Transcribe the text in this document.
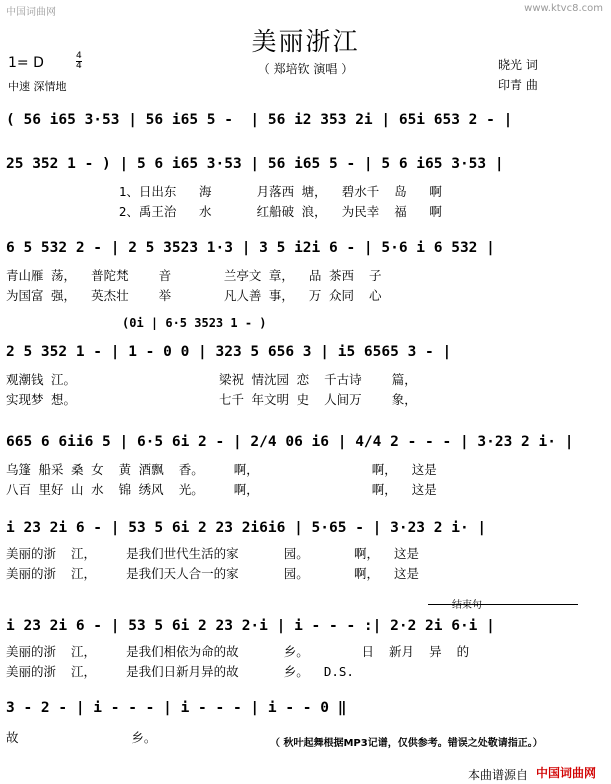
中国词曲网	www.ktvc8.com
美丽浙江
1= D	4
4
中速 深情地
（ 郑培钦 演唱 ）	晓光 词
印青 曲
( 56 i65 3·53 | 56 i65 5 -  | 56 i2 353 2i | 65i 653 2 - |
25 352 1 - ) | 5 6 i65 3·53 | 56 i65 5 - | 5 6 i65 3·53 |
1、日出东   海      月落西 塘，  碧水千  岛   啊
2、禹王治   水      红船破 浪，  为民幸  福   啊
6 5 532 2 - | 2 5 3523 1·3 | 3 5 i2i 6 - | 5·6 i 6 532 |
青山雁 荡，  普陀梵    音       兰亭文 章，  品 茶西  子
为国富 强，  英杰壮    举       凡人善 事，  万 众同  心
(0i | 6·5 3523 1 - )
2 5 352 1 - | 1 - 0 0 | 323 5 656 3 | i5 6565 3 - |
观潮钱 江。                   梁祝 情沈园 恋  千古诗    篇，
实现梦 想。                   七千 年文明 史  人间万    象，
665 6 6ii6 5 | 6·5 6i 2 - | 2/4 06 i6 | 4/4 2 - - - | 3·23 2 i· |
乌篷 船采 桑 女  黄 酒飘  香。    啊，               啊，  这是
八百 里好 山 水  锦 绣风  光。    啊，               啊，  这是
i 23 2i 6 - | 53 5 6i 2 23 2i6i6 | 5·65 - | 3·23 2 i· |
美丽的浙  江，    是我们世代生活的家      园。      啊，  这是
美丽的浙  江，    是我们天人合一的家      园。      啊，  这是
结束句
i 23 2i 6 - | 53 5 6i 2 23 2·i | i - - - :| 2·2 2i 6·i |
美丽的浙  江，    是我们相依为命的故      乡。       日  新月  异  的
美丽的浙  江，    是我们日新月异的故      乡。  D.S.
3 - 2 - | i - - - | i - - - | i - - 0 ‖
故               乡。	（ 秋叶起舞根据MP3记谱，仅供参考。错误之处敬请指正。）
本曲谱源自 中国词曲网
